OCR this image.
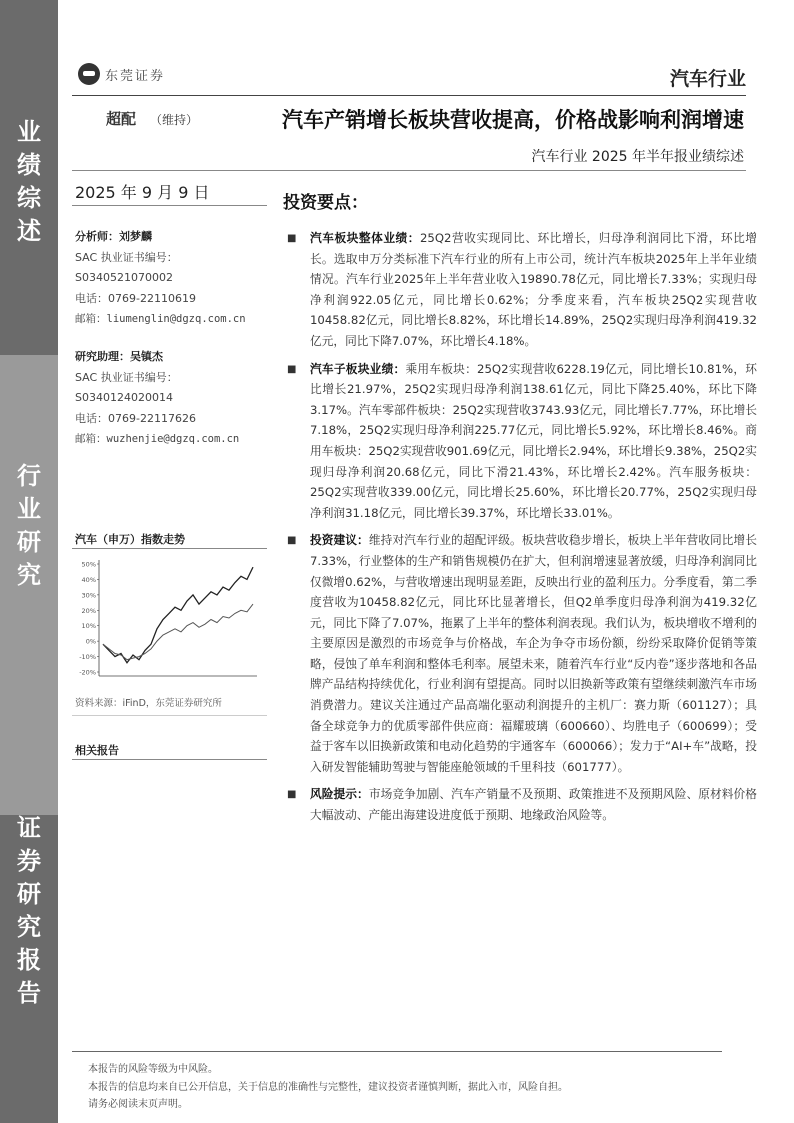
业
绩
综
述
行
业
研
究
证
券
研
究
报
告
东莞证券	汽车行业
超配 （维持）	汽车产销增长板块营收提高，价格战影响利润增速
汽车行业 2025 年半年报业绩综述
2025 年 9 月 9 日
分析师：刘梦麟
SAC 执业证书编号：
S0340521070002
电话：0769-22110619
邮箱：liumenglin@dgzq.com.cn
研究助理：吴镇杰
SAC 执业证书编号：
S0340124020014
电话：0769-22117626
邮箱：wuzhenjie@dgzq.com.cn
汽车（申万）指数走势
50%
40%
30%
20%
10%
0%
-10%
-20%
资料来源：iFinD，东莞证券研究所
相关报告
投资要点：
■ 汽车板块整体业绩：25Q2营收实现同比、环比增长，归母净利润同比下滑，环比增长。选取申万分类标准下汽车行业的所有上市公司，统计汽车板块2025年上半年业绩情况。汽车行业2025年上半年营业收入19890.78亿元，同比增长7.33%；实现归母净利润922.05亿元，同比增长0.62%；分季度来看，汽车板块25Q2实现营收10458.82亿元，同比增长8.82%，环比增长14.89%，25Q2实现归母净利润419.32亿元，同比下降7.07%，环比增长4.18%。
■ 汽车子板块业绩：乘用车板块：25Q2实现营收6228.19亿元，同比增长10.81%，环比增长21.97%，25Q2实现归母净利润138.61亿元，同比下降25.40%，环比下降3.17%。汽车零部件板块：25Q2实现营收3743.93亿元，同比增长7.77%，环比增长7.18%，25Q2实现归母净利润225.77亿元，同比增长5.92%，环比增长8.46%。商用车板块：25Q2实现营收901.69亿元，同比增长2.94%，环比增长9.38%，25Q2实现归母净利润20.68亿元，同比下滑21.43%，环比增长2.42%。汽车服务板块：25Q2实现营收339.00亿元，同比增长25.60%，环比增长20.77%，25Q2实现归母净利润31.18亿元，同比增长39.37%，环比增长33.01%。
■ 投资建议：维持对汽车行业的超配评级。板块营收稳步增长，板块上半年营收同比增长7.33%，行业整体的生产和销售规模仍在扩大，但利润增速显著放缓，归母净利润同比仅微增0.62%，与营收增速出现明显差距，反映出行业的盈利压力。分季度看，第二季度营收为10458.82亿元，同比环比显著增长，但Q2单季度归母净利润为419.32亿元，同比下降了7.07%，拖累了上半年的整体利润表现。我们认为，板块增收不增利的主要原因是激烈的市场竞争与价格战，车企为争夺市场份额，纷纷采取降价促销等策略，侵蚀了单车利润和整体毛利率。展望未来，随着汽车行业“反内卷”逐步落地和各品牌产品结构持续优化，行业利润有望提高。同时以旧换新等政策有望继续刺激汽车市场消费潜力。建议关注通过产品高端化驱动利润提升的主机厂：赛力斯（601127）；具备全球竞争力的优质零部件供应商：福耀玻璃（600660）、均胜电子（600699）；受益于客车以旧换新政策和电动化趋势的宇通客车（600066）；发力于“AI+车”战略，投入研发智能辅助驾驶与智能座舱领域的千里科技（601777）。
■ 风险提示：市场竞争加剧、汽车产销量不及预期、政策推进不及预期风险、原材料价格大幅波动、产能出海建设进度低于预期、地缘政治风险等。
本报告的风险等级为中风险。
本报告的信息均来自已公开信息，关于信息的准确性与完整性，建议投资者谨慎判断，据此入市，风险自担。
请务必阅读末页声明。
